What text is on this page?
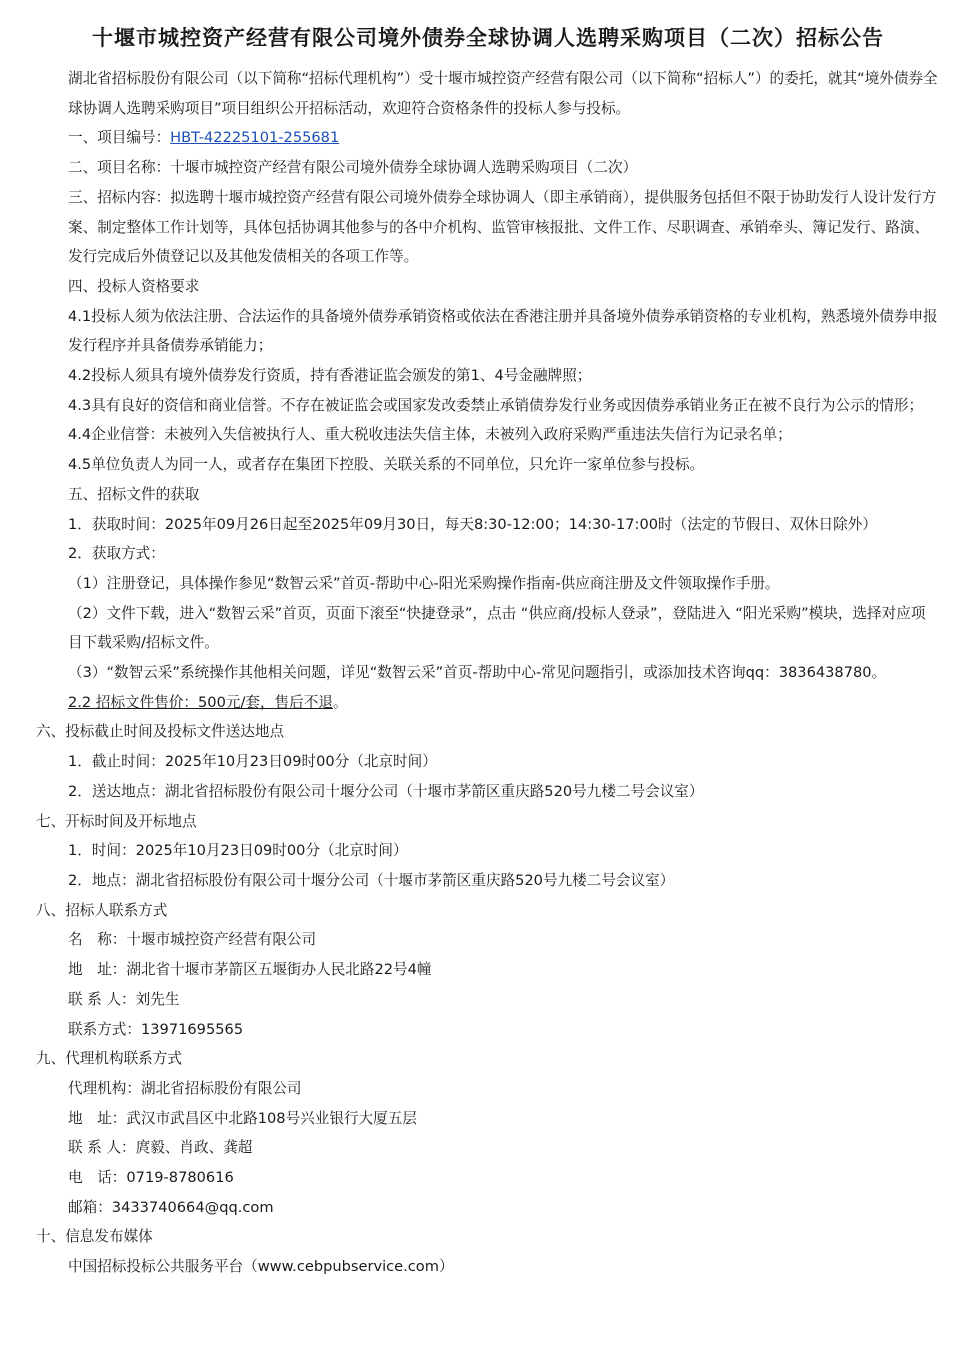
十堰市城控资产经营有限公司境外债券全球协调人选聘采购项目（二次）招标公告

湖北省招标股份有限公司（以下简称“招标代理机构”）受十堰市城控资产经营有限公司（以下简称“招标人”）的委托，就其“境外债券全球协调人选聘采购项目”项目组织公开招标活动，欢迎符合资格条件的投标人参与投标。

一、项目编号：HBT-42225101-255681

二、项目名称：十堰市城控资产经营有限公司境外债券全球协调人选聘采购项目（二次）

三、招标内容：拟选聘十堰市城控资产经营有限公司境外债券全球协调人（即主承销商），提供服务包括但不限于协助发行人设计发行方案、制定整体工作计划等，具体包括协调其他参与的各中介机构、监管审核报批、文件工作、尽职调查、承销牵头、簿记发行、路演、发行完成后外债登记以及其他发债相关的各项工作等。

四、投标人资格要求

4.1投标人须为依法注册、合法运作的具备境外债券承销资格或依法在香港注册并具备境外债券承销资格的专业机构，熟悉境外债券申报发行程序并具备债券承销能力；

4.2投标人须具有境外债券发行资质，持有香港证监会颁发的第1、4号金融牌照；

4.3具有良好的资信和商业信誉。不存在被证监会或国家发改委禁止承销债券发行业务或因债券承销业务正在被不良行为公示的情形；

4.4企业信誉：未被列入失信被执行人、重大税收违法失信主体，未被列入政府采购严重违法失信行为记录名单；

4.5单位负责人为同一人，或者存在集团下控股、关联关系的不同单位，只允许一家单位参与投标。

五、招标文件的获取

1．获取时间：2025年09月26日起至2025年09月30日，每天8:30-12:00；14:30-17:00时（法定的节假日、双休日除外）

2．获取方式：

（1）注册登记，具体操作参见“数智云采”首页-帮助中心-阳光采购操作指南-供应商注册及文件领取操作手册。

（2）文件下载，进入“数智云采”首页，页面下滚至“快捷登录”，点击 “供应商/投标人登录”，登陆进入 “阳光采购”模块，选择对应项目下载采购/招标文件。

（3）“数智云采”系统操作其他相关问题，详见“数智云采”首页-帮助中心-常见问题指引，或添加技术咨询qq：3836438780。

2.2 招标文件售价：500元/套，售后不退。

六、投标截止时间及投标文件送达地点

1．截止时间：2025年10月23日09时00分（北京时间）

2．送达地点：湖北省招标股份有限公司十堰分公司（十堰市茅箭区重庆路520号九楼二号会议室）

七、开标时间及开标地点

1．时间：2025年10月23日09时00分（北京时间）

2．地点：湖北省招标股份有限公司十堰分公司（十堰市茅箭区重庆路520号九楼二号会议室）

八、招标人联系方式

名　称：十堰市城控资产经营有限公司

地　址：湖北省十堰市茅箭区五堰街办人民北路22号4幢

联 系 人：刘先生

联系方式：13971695565

九、代理机构联系方式

代理机构：湖北省招标股份有限公司

地　址：武汉市武昌区中北路108号兴业银行大厦五层

联 系 人：庹毅、肖政、龚超

电　话：0719-8780616

邮箱：3433740664@qq.com

十、信息发布媒体

中国招标投标公共服务平台（www.cebpubservice.com）
